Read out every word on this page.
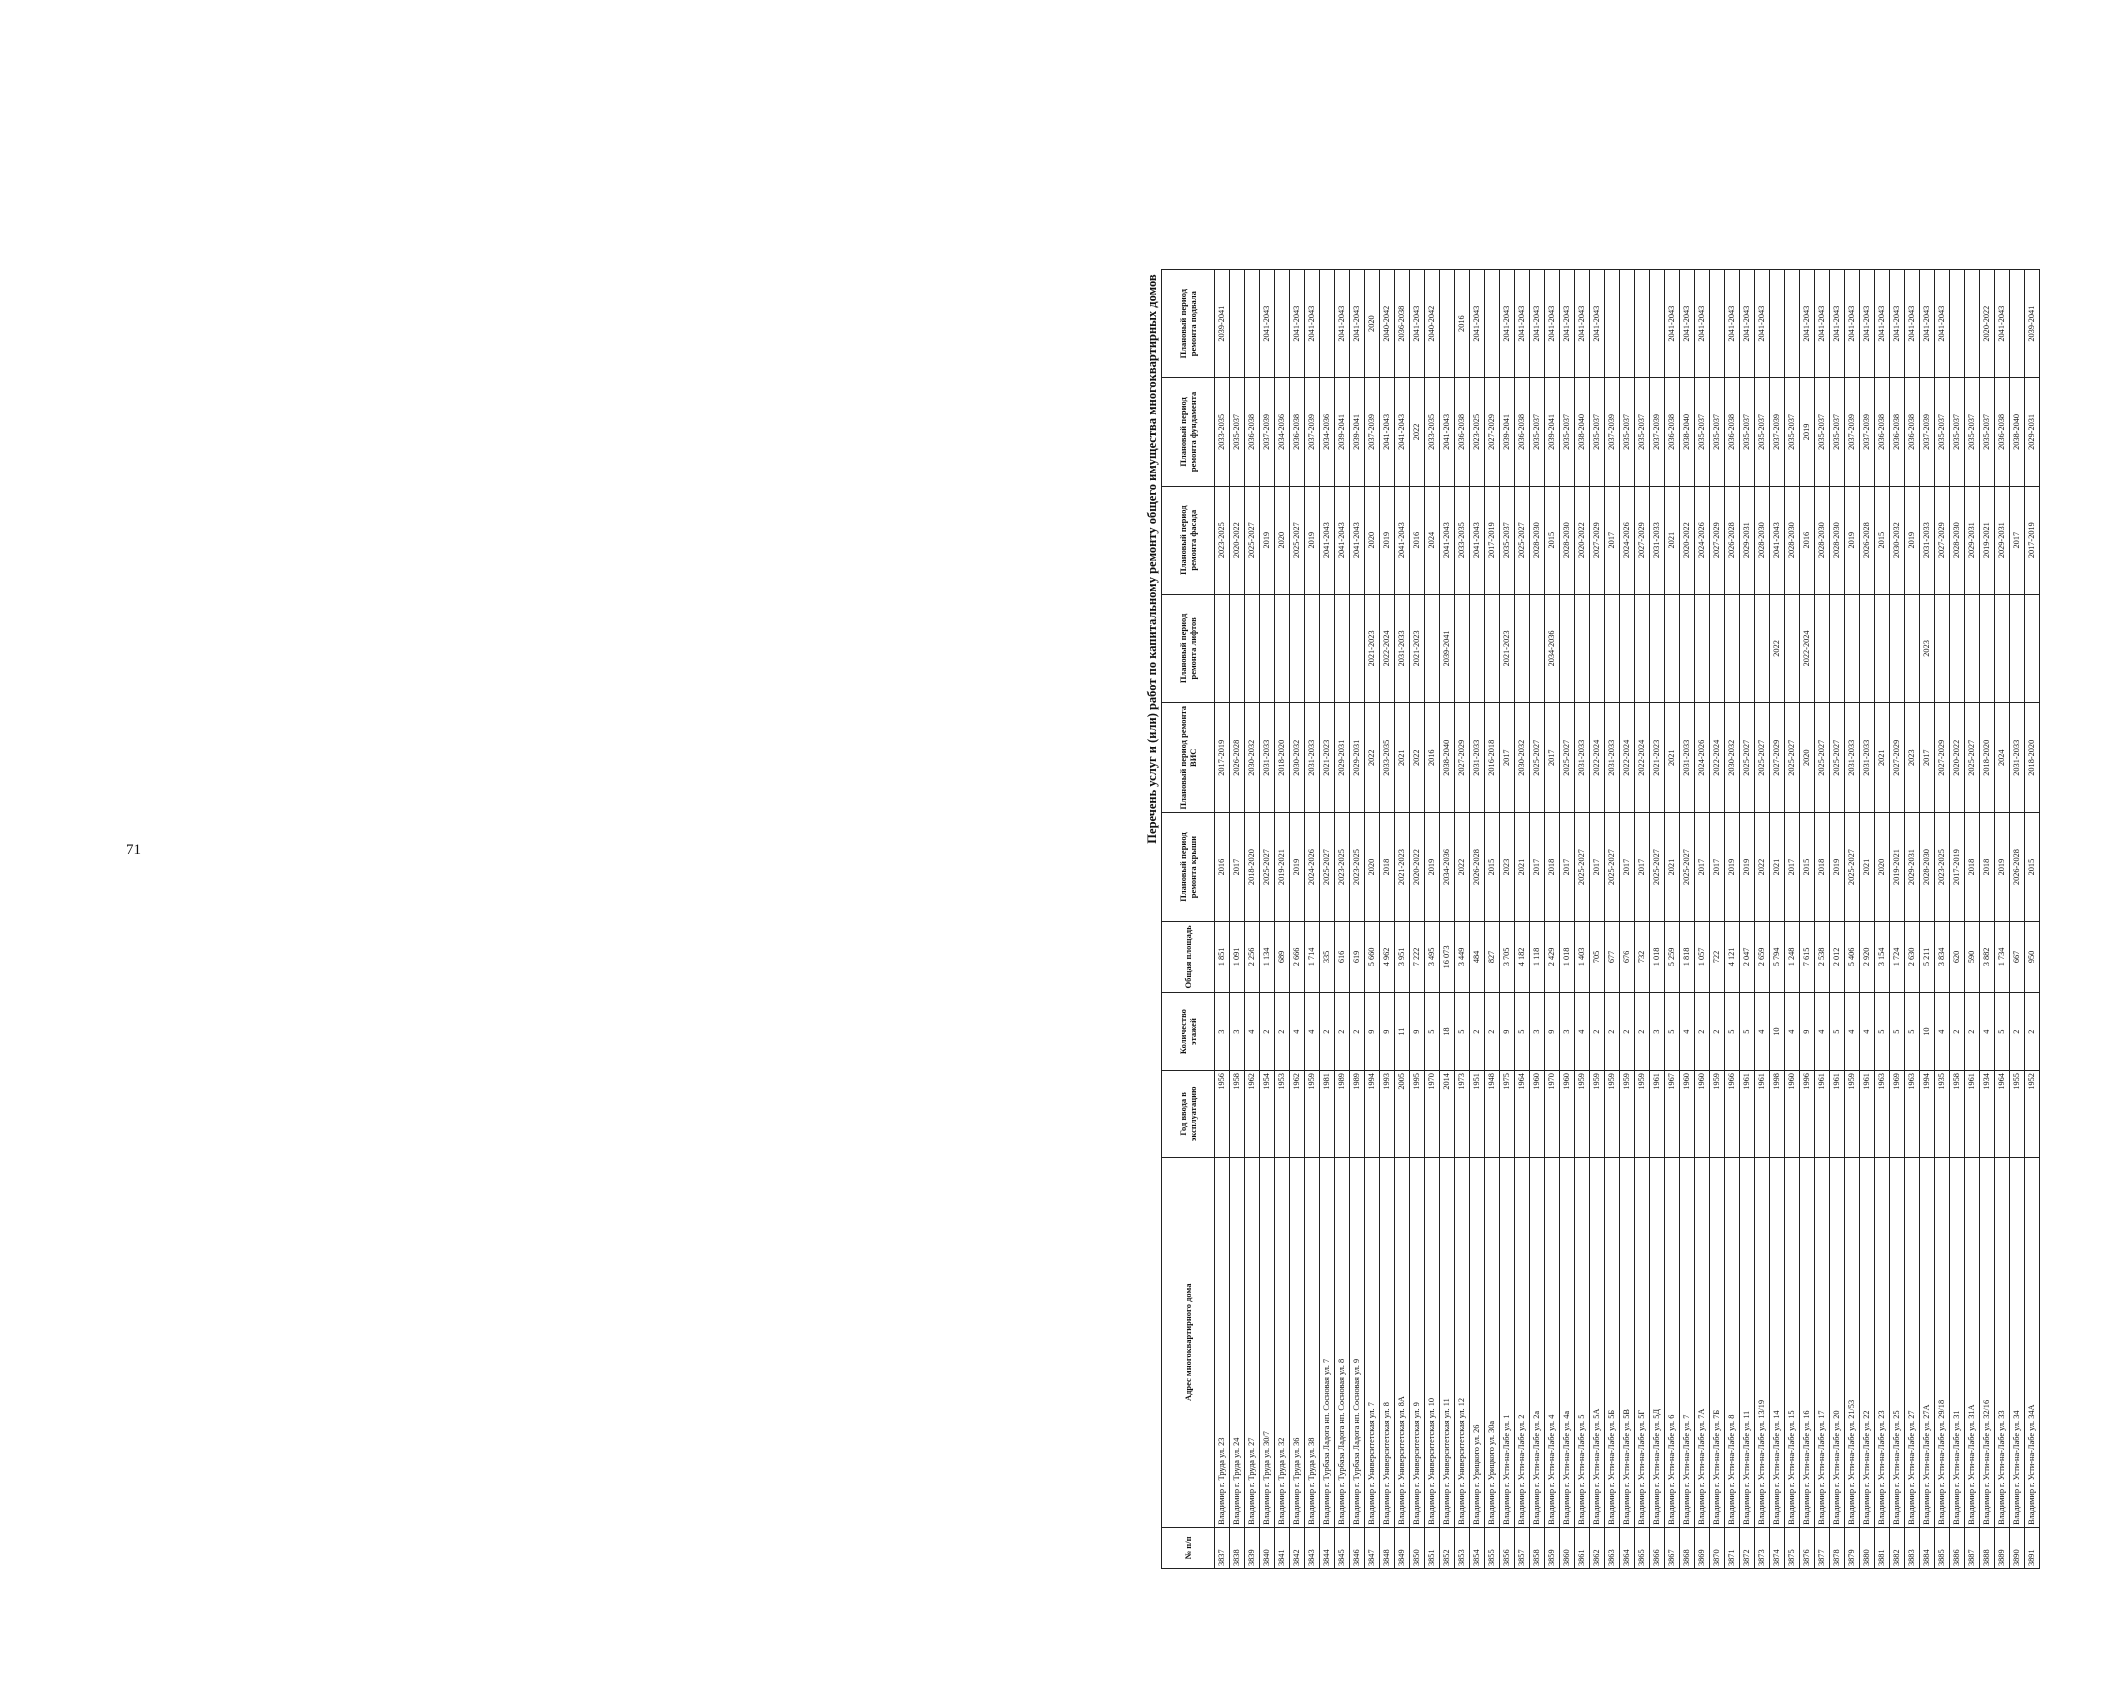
71
Перечень услуг и (или) работ по капитальному ремонту общего имущества многоквартирных домов
№ п/п	Адрес многоквартирного дома	Год ввода в эксплуатацию	Количество этажей	Общая площадь	Плановый период ремонта крыши	Плановый период ремонта ВИС	Плановый период ремонта лифтов	Плановый период ремонта фасада	Плановый период ремонта фундамента	Плановый период ремонта подвала
3837	Владимир г. Труда ул. 23	1956	3	1 851	2016	2017-2019		2023-2025	2033-2035	2039-2041
3838	Владимир г. Труда ул. 24	1958	3	1 091	2017	2026-2028		2020-2022	2035-2037	
3839	Владимир г. Труда ул. 27	1962	4	2 256	2018-2020	2030-2032		2025-2027	2036-2038	
3840	Владимир г. Труда ул. 30/7	1954	2	1 134	2025-2027	2031-2033		2019	2037-2039	2041-2043
3841	Владимир г. Труда ул. 32	1953	2	689	2019-2021	2018-2020		2020	2034-2036	
3842	Владимир г. Труда ул. 36	1962	4	2 666	2019	2030-2032		2025-2027	2036-2038	2041-2043
3843	Владимир г. Труда ул. 38	1959	4	1 714	2024-2026	2031-2033		2019	2037-2039	2041-2043
3844	Владимир г. Турбаза Ладога нп. Сосновая ул. 7	1981	2	335	2025-2027	2021-2023		2041-2043	2034-2036	
3845	Владимир г. Турбаза Ладога нп. Сосновая ул. 8	1989	2	616	2023-2025	2029-2031		2041-2043	2039-2041	2041-2043
3846	Владимир г. Турбаза Ладога нп. Сосновая ул. 9	1989	2	619	2023-2025	2029-2031		2041-2043	2039-2041	2041-2043
3847	Владимир г. Университетская ул. 7	1994	9	5 660	2020	2022	2021-2023	2020	2037-2039	2020
3848	Владимир г. Университетская ул. 8	1993	9	4 962	2018	2033-2035	2022-2024	2019	2041-2043	2040-2042
3849	Владимир г. Университетская ул. 8А	2005	11	3 951	2021-2023	2021	2031-2033	2041-2043	2041-2043	2036-2038
3850	Владимир г. Университетская ул. 9	1995	9	7 222	2020-2022	2022	2021-2023	2016	2022	2041-2043
3851	Владимир г. Университетская ул. 10	1970	5	3 495	2019	2016		2024	2033-2035	2040-2042
3852	Владимир г. Университетская ул. 11	2014	18	16 073	2034-2036	2038-2040	2039-2041	2041-2043	2041-2043	
3853	Владимир г. Университетская ул. 12	1973	5	3 449	2022	2027-2029		2033-2035	2036-2038	2016
3854	Владимир г. Урицкого ул. 26	1951	2	484	2026-2028	2031-2033		2041-2043	2023-2025	2041-2043
3855	Владимир г. Урицкого ул. 30а	1948	2	827	2015	2016-2018		2017-2019	2027-2029	
3856	Владимир г. Усти-на-Лабе ул. 1	1975	9	3 705	2023	2017	2021-2023	2035-2037	2039-2041	2041-2043
3857	Владимир г. Усти-на-Лабе ул. 2	1964	5	4 182	2021	2030-2032		2025-2027	2036-2038	2041-2043
3858	Владимир г. Усти-на-Лабе ул. 2а	1960	3	1 118	2017	2025-2027		2028-2030	2035-2037	2041-2043
3859	Владимир г. Усти-на-Лабе ул. 4	1970	9	2 429	2018	2017	2034-2036	2015	2039-2041	2041-2043
3860	Владимир г. Усти-на-Лабе ул. 4а	1960	3	1 018	2017	2025-2027		2028-2030	2035-2037	2041-2043
3861	Владимир г. Усти-на-Лабе ул. 5	1959	4	1 403	2025-2027	2031-2033		2020-2022	2038-2040	2041-2043
3862	Владимир г. Усти-на-Лабе ул. 5А	1959	2	705	2017	2022-2024		2027-2029	2035-2037	2041-2043
3863	Владимир г. Усти-на-Лабе ул. 5Б	1959	2	677	2025-2027	2031-2033		2017	2037-2039	
3864	Владимир г. Усти-на-Лабе ул. 5В	1959	2	676	2017	2022-2024		2024-2026	2035-2037	
3865	Владимир г. Усти-на-Лабе ул. 5Г	1959	2	732	2017	2022-2024		2027-2029	2035-2037	
3866	Владимир г. Усти-на-Лабе ул. 5Д	1961	3	1 018	2025-2027	2021-2023		2031-2033	2037-2039	
3867	Владимир г. Усти-на-Лабе ул. 6	1967	5	5 259	2021	2021		2021	2036-2038	2041-2043
3868	Владимир г. Усти-на-Лабе ул. 7	1960	4	1 818	2025-2027	2031-2033		2020-2022	2038-2040	2041-2043
3869	Владимир г. Усти-на-Лабе ул. 7А	1960	2	1 057	2017	2024-2026		2024-2026	2035-2037	2041-2043
3870	Владимир г. Усти-на-Лабе ул. 7Б	1959	2	722	2017	2022-2024		2027-2029	2035-2037	
3871	Владимир г. Усти-на-Лабе ул. 8	1966	5	4 121	2019	2030-2032		2026-2028	2036-2038	2041-2043
3872	Владимир г. Усти-на-Лабе ул. 11	1961	5	2 047	2019	2025-2027		2029-2031	2035-2037	2041-2043
3873	Владимир г. Усти-на-Лабе ул. 13/19	1961	4	2 659	2022	2025-2027		2028-2030	2035-2037	2041-2043
3874	Владимир г. Усти-на-Лабе ул. 14	1998	10	5 794	2021	2027-2029	2022	2041-2043	2037-2039	
3875	Владимир г. Усти-на-Лабе ул. 15	1960	4	1 248	2017	2025-2027		2028-2030	2035-2037	
3876	Владимир г. Усти-на-Лабе ул. 16	1996	9	7 615	2015	2020	2022-2024	2016	2019	2041-2043
3877	Владимир г. Усти-на-Лабе ул. 17	1961	4	2 538	2018	2025-2027		2028-2030	2035-2037	2041-2043
3878	Владимир г. Усти-на-Лабе ул. 20	1961	5	2 012	2019	2025-2027		2028-2030	2035-2037	2041-2043
3879	Владимир г. Усти-на-Лабе ул. 21/53	1959	4	5 406	2025-2027	2031-2033		2019	2037-2039	2041-2043
3880	Владимир г. Усти-на-Лабе ул. 22	1961	4	2 920	2021	2031-2033		2026-2028	2037-2039	2041-2043
3881	Владимир г. Усти-на-Лабе ул. 23	1963	5	3 154	2020	2021		2015	2036-2038	2041-2043
3882	Владимир г. Усти-на-Лабе ул. 25	1969	5	1 724	2019-2021	2027-2029		2030-2032	2036-2038	2041-2043
3883	Владимир г. Усти-на-Лабе ул. 27	1963	5	2 630	2029-2031	2023		2019	2036-2038	2041-2043
3884	Владимир г. Усти-на-Лабе ул. 27А	1994	10	5 211	2028-2030	2017	2023	2031-2033	2037-2039	2041-2043
3885	Владимир г. Усти-на-Лабе ул. 29/18	1935	4	3 834	2023-2025	2027-2029		2027-2029	2035-2037	2041-2043
3886	Владимир г. Усти-на-Лабе ул. 31	1958	2	620	2017-2019	2020-2022		2028-2030	2035-2037	
3887	Владимир г. Усти-на-Лабе ул. 31А	1961	2	590	2018	2025-2027		2029-2031	2035-2037	
3888	Владимир г. Усти-на-Лабе ул. 32/16	1934	4	3 882	2018	2018-2020		2019-2021	2035-2037	2020-2022
3889	Владимир г. Усти-на-Лабе ул. 33	1964	5	1 734	2019	2024		2029-2031	2036-2038	2041-2043
3890	Владимир г. Усти-на-Лабе ул. 34	1955	2	667	2026-2028	2031-2033		2017	2038-2040	
3891	Владимир г. Усти-на-Лабе ул. 34А	1952	2	950	2015	2018-2020		2017-2019	2029-2031	2039-2041
